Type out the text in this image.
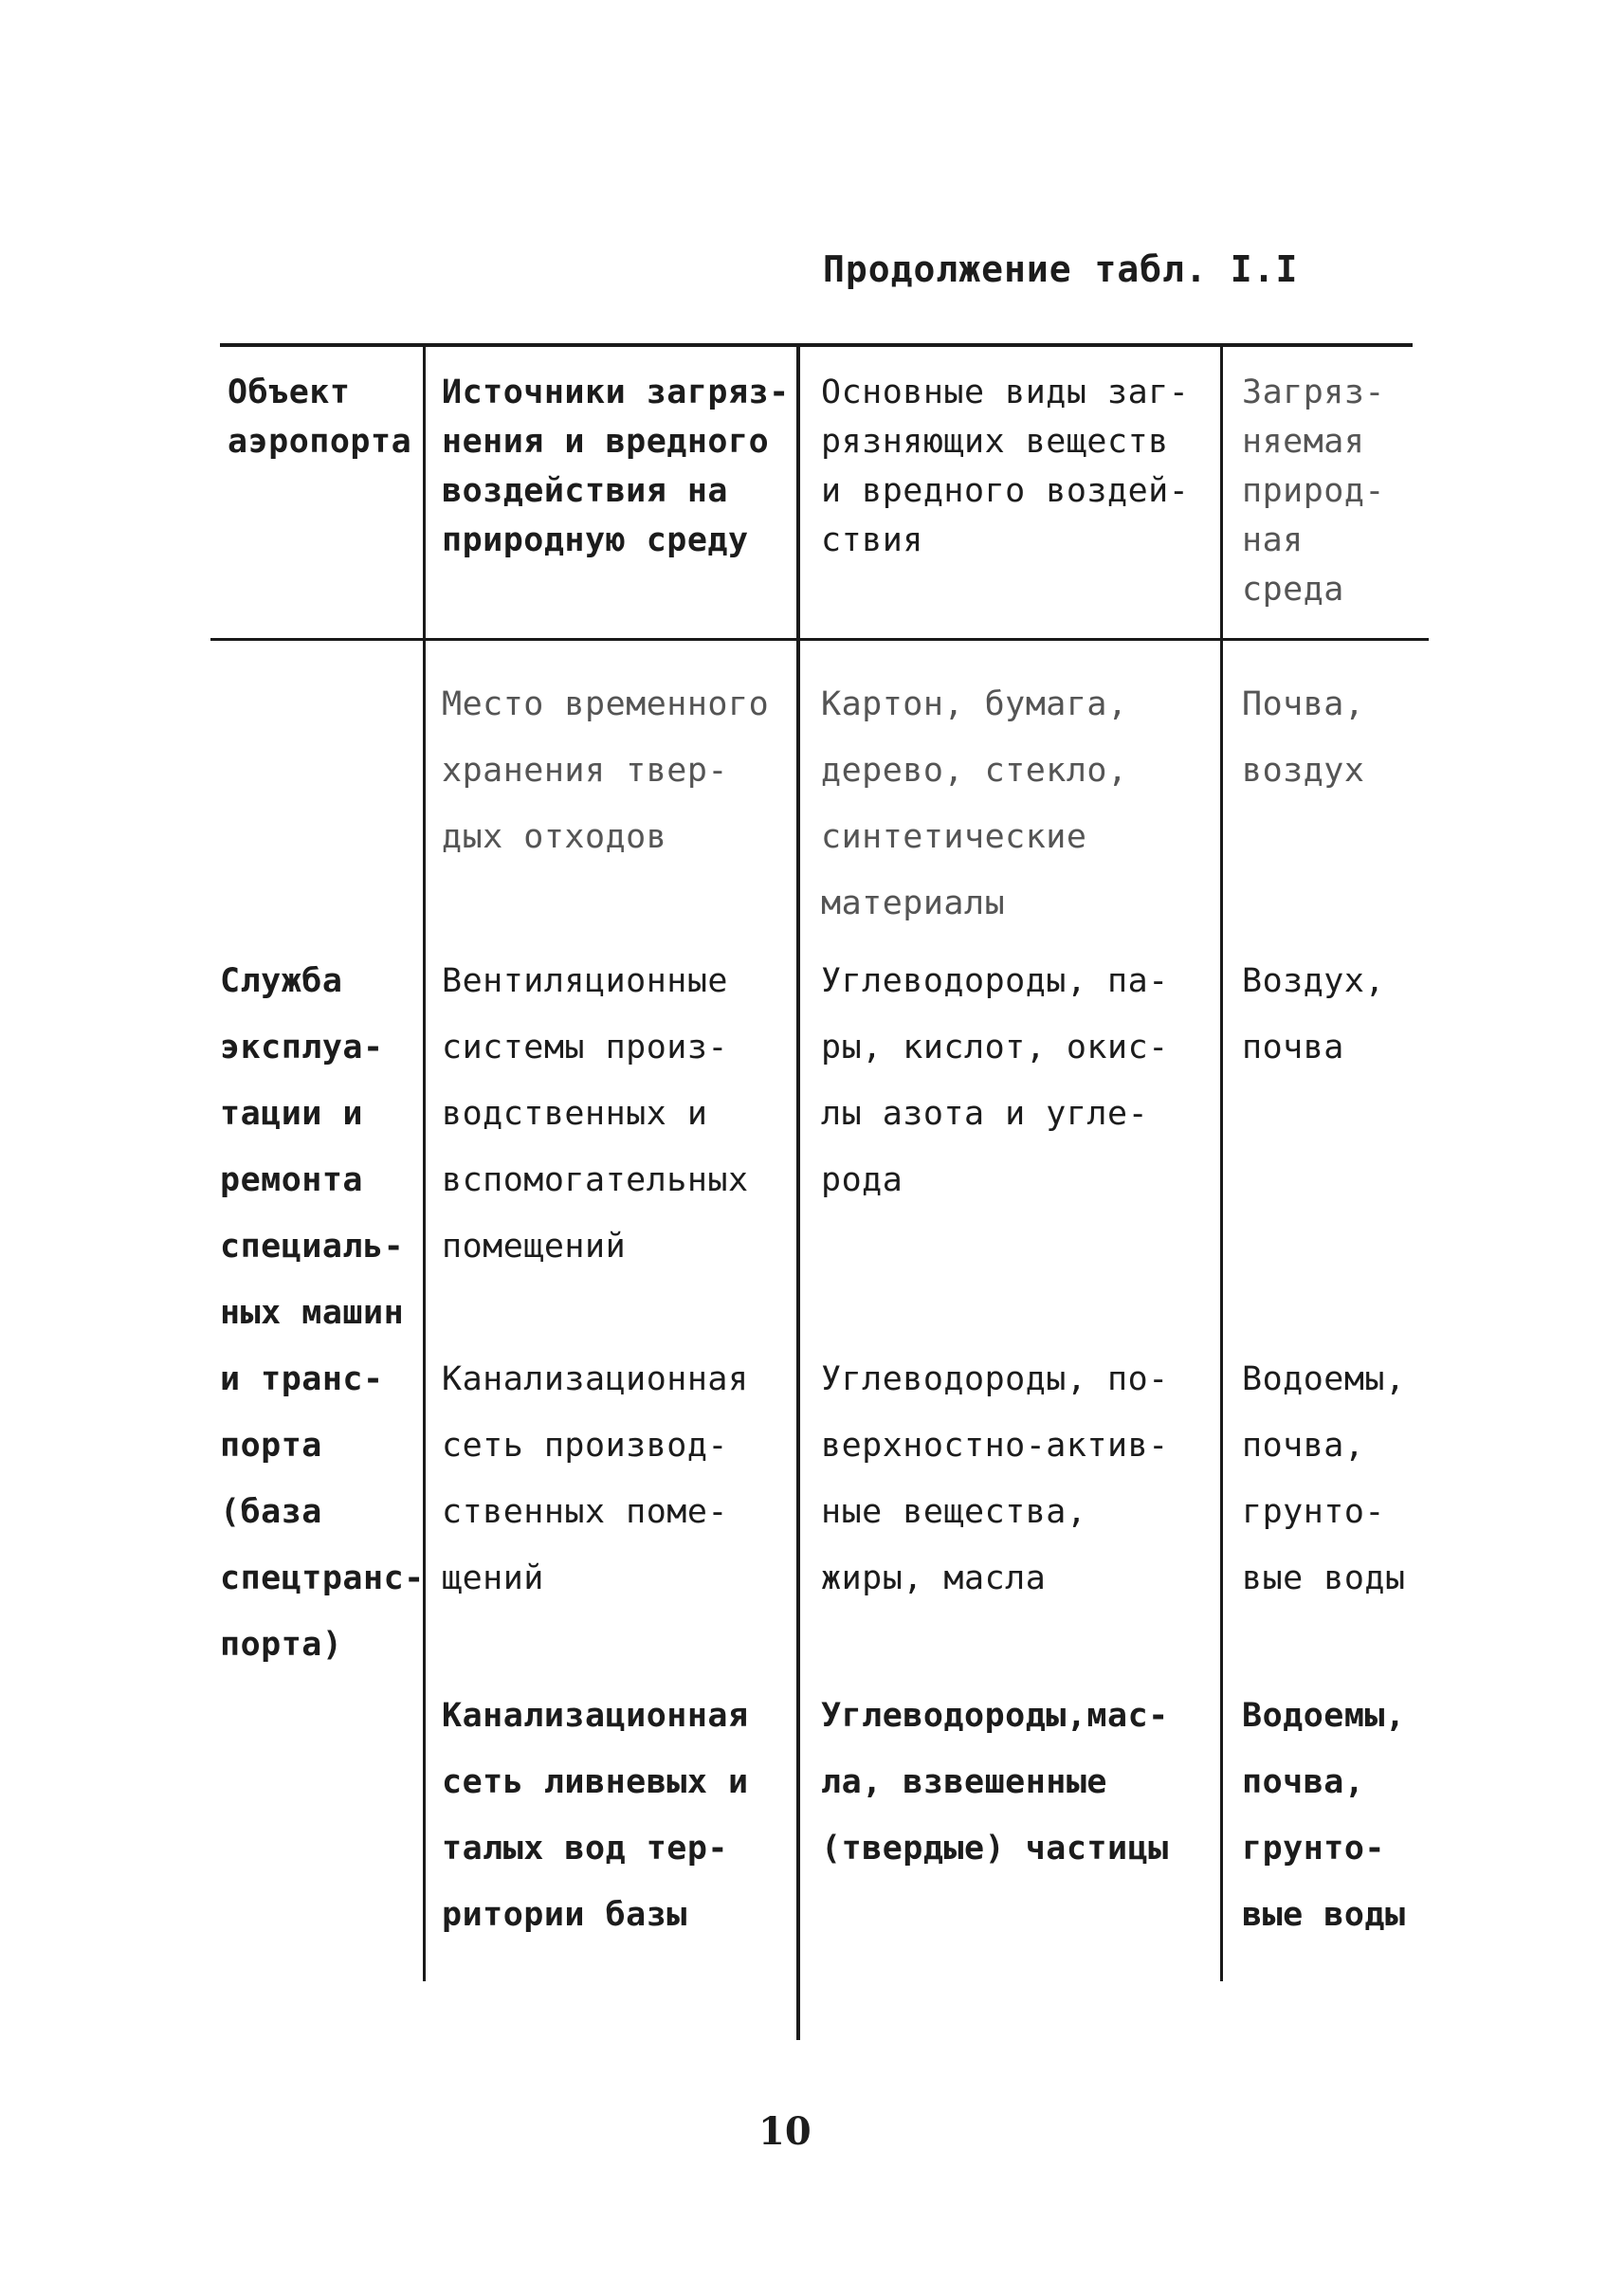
Продолжение табл. I.I
Объект
аэропорта
Источники загряз-
нения и вредного
воздействия на
природную среду
Основные виды заг-
рязняющих веществ
и вредного воздей-
ствия
Загряз-
няемая
природ-
ная
среда
Служба
эксплуа-
тации и
ремонта
специаль-
ных машин
и транс-
порта
(база
спецтранс-
порта)
Место временного
хранения твер-
дых отходов
Картон, бумага,
дерево, стекло,
синтетические
материалы
Почва,
воздух
Вентиляционные
системы произ-
водственных и
вспомогательных
помещений
Углеводороды, па-
ры, кислот, окис-
лы азота и угле-
рода
Воздух,
почва
Канализационная
сеть производ-
ственных поме-
щений
Углеводороды, по-
верхностно-актив-
ные вещества,
жиры, масла
Водоемы,
почва,
грунто-
вые воды
Канализационная
сеть ливневых и
талых вод тер-
ритории базы
Углеводороды,мас-
ла, взвешенные
(твердые) частицы
Водоемы,
почва,
грунто-
вые воды
10
